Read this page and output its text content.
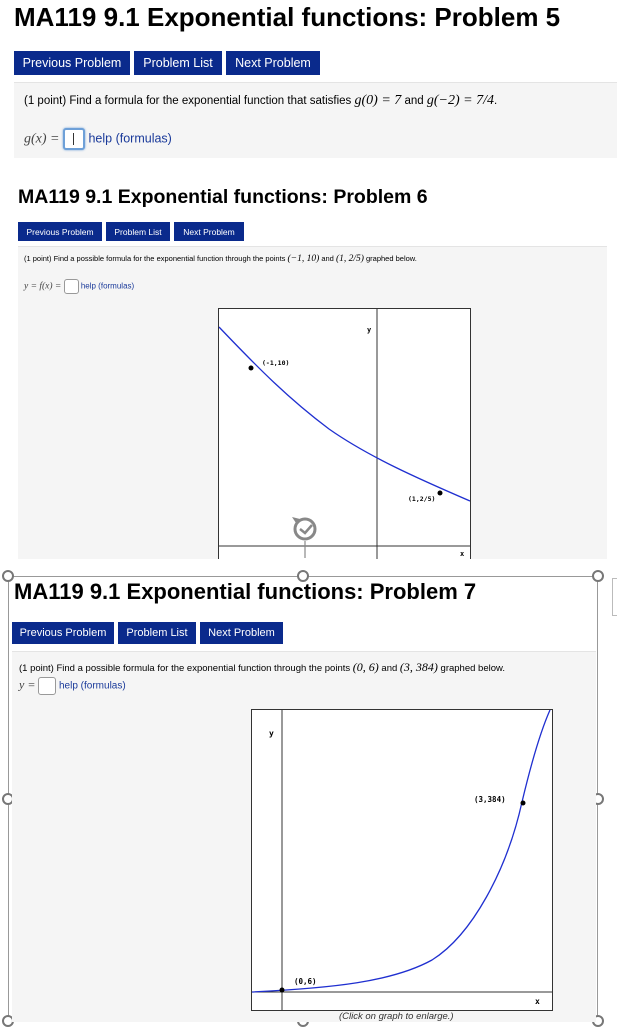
MA119 9.1 Exponential functions: Problem 5
Previous Problem	Problem List	Next Problem
(1 point) Find a formula for the exponential function that satisfies g(0) = 7 and g(−2) = 7/4.
g(x) = help (formulas)
MA119 9.1 Exponential functions: Problem 6
Previous Problem	Problem List	Next Problem
(1 point) Find a possible formula for the exponential function through the points (−1, 10) and (1, 2/5) graphed below.
y = f(x) = help (formulas)
y
x
(-1,10)
(1,2/5)
MA119 9.1 Exponential functions: Problem 7
Previous Problem	Problem List	Next Problem
(1 point) Find a possible formula for the exponential function through the points (0, 6) and (3, 384) graphed below.
y = help (formulas)
y
x
(0,6)
(3,384)
(Click on graph to enlarge.)
